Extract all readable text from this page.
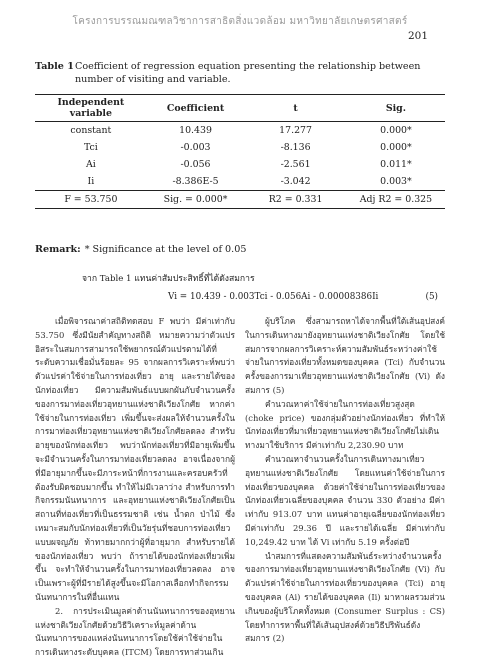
โครงการบรรณมณฑลวิชาการสาธิตสิ่งแวดล้อม มหาวิทยาลัยเกษตรศาสตร์
201
Table 1Coefficient of regression equation presenting the relationship between number of visiting and variable.
Independent variable	Coefficient	t	Sig.
constant	10.439	17.277	0.000*
Tci	-0.003	-8.136	0.000*
Ai	-0.056	-2.561	0.011*
Ii	-8.386E-5	-3.042	0.003*
F = 53.750	Sig. = 0.000*	R2 = 0.331	Adj R2 = 0.325
Remark: * Significance at the level of 0.05
จาก Table 1 แทนค่าสัมประสิทธิ์ที่ได้ดังสมการ
Vi = 10.439 - 0.003Tci - 0.056Ai - 0.00008386Ii	(5)

เมื่อพิจารณาค่าสถิติทดสอบ F พบว่า มีค่าเท่ากับ 53.750 ซึ่งมีนัยสำคัญทางสถิติ หมายความว่าตัวแปรอิสระในสมการสามารถใช้พยากรณ์ตัวแปรตามได้ที่ระดับความเชื่อมั่นร้อยละ 95 จากผลการวิเคราะห์พบว่า ตัวแปรค่าใช้จ่ายในการท่องเที่ยว อายุ และรายได้ของนักท่องเที่ยว มีความสัมพันธ์แบบผกผันกับจำนวนครั้งของการมาท่องเที่ยวอุทยานแห่งชาติเวียงโกศัย หากค่าใช้จ่ายในการท่องเที่ยว เพิ่มขึ้นจะส่งผลให้จำนวนครั้งในการมาท่องเที่ยวอุทยานแห่งชาติเวียงโกศัยลดลง สำหรับอายุของนักท่องเที่ยว พบว่านักท่องเที่ยวที่มีอายุเพิ่มขึ้น จะมีจำนวนครั้งในการมาท่องเที่ยวลดลง อาจเนื่องจากผู้ที่มีอายุมากขึ้นจะมีภาระหน้าที่การงานและครอบครัวที่ต้องรับผิดชอบมากขึ้น ทำให้ไม่มีเวลาว่าง สำหรับการทำกิจกรรมนันทนาการ และอุทยานแห่งชาติเวียงโกศัยเป็นสถานที่ท่องเที่ยวที่เป็นธรรมชาติ เช่น น้ำตก ป่าไม้ ซึ่งเหมาะสมกับนักท่องเที่ยวที่เป็นวัยรุ่นที่ชอบการท่องเที่ยวแบบผจญภัย ท้าทายมากกว่าผู้ที่อายุมาก สำหรับรายได้ของนักท่องเที่ยว พบว่า ถ้ารายได้ของนักท่องเที่ยวเพิ่มขึ้น จะทำให้จำนวนครั้งในการมาท่องเที่ยวลดลง อาจเป็นเพราะผู้ที่มีรายได้สูงขึ้นจะมีโอกาสเลือกทำกิจกรรมนันทนาการในที่อื่นแทน

2. การประเมินมูลค่าด้านนันทนาการของอุทยานแห่งชาติเวียงโกศัยด้วยวิธีวิเคราะห์มูลค่าด้านนันทนาการของแหล่งนันทนาการโดยใช้ค่าใช้จ่ายในการเดินทางระดับบุคคล (ITCM) โดยการหาส่วนเกิน

ผู้บริโภค ซึ่งสามารถหาได้จากพื้นที่ใต้เส้นอุปสงค์ในการเดินทางมายังอุทยานแห่งชาติเวียงโกศัย โดยใช้สมการจากผลการวิเคราะห์ความสัมพันธ์ระหว่างค่าใช้จ่ายในการท่องเที่ยวทั้งหมดของบุคคล (Tci) กับจำนวนครั้งของการมาเที่ยวอุทยานแห่งชาติเวียงโกศัย (Vi) ดังสมการ (5)

คำนวณหาค่าใช้จ่ายในการท่องเที่ยวสูงสุด (choke price) ของกลุ่มตัวอย่างนักท่องเที่ยว ที่ทำให้นักท่องเที่ยวที่มาเที่ยวอุทยานแห่งชาติเวียงโกศัยไม่เดินทางมาใช้บริการ มีค่าเท่ากับ 2,230.90 บาท

คำนวณหาจำนวนครั้งในการเดินทางมาเที่ยวอุทยานแห่งชาติเวียงโกศัย โดยแทนค่าใช้จ่ายในการท่องเที่ยวของบุคคล ด้วยค่าใช้จ่ายในการท่องเที่ยวของนักท่องเที่ยวเฉลี่ยของบุคคล จำนวน 330 ตัวอย่าง มีค่าเท่ากับ 913.07 บาท แทนค่าอายุเฉลี่ยของนักท่องเที่ยว มีค่าเท่ากับ 29.36 ปี และรายได้เฉลี่ย มีค่าเท่ากับ 10,249.42 บาท ได้ Vi เท่ากับ 5.19 ครั้งต่อปี

นำสมการที่แสดงความสัมพันธ์ระหว่างจำนวนครั้งของการมาท่องเที่ยวอุทยานแห่งชาติเวียงโกศัย (Vi) กับตัวแปรค่าใช้จ่ายในการท่องเที่ยวของบุคคล (Tci) อายุของบุคคล (Ai) รายได้ของบุคคล (Ii) มาหาผลรวมส่วนเกินของผู้บริโภคทั้งหมด (Consumer Surplus : CS) โดยทำการหาพื้นที่ใต้เส้นอุปสงค์ด้วยวิธีปริพันธ์ดังสมการ (2)
